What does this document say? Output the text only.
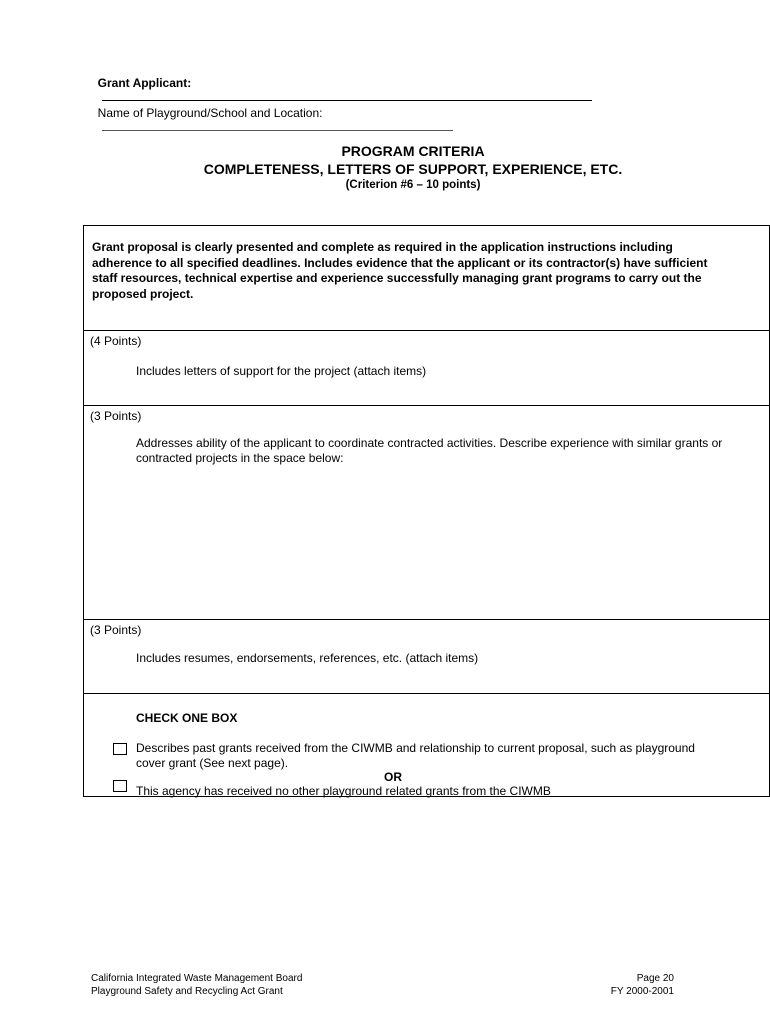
Grant Applicant:

Name of Playground/School and Location:

PROGRAM CRITERIA
COMPLETENESS, LETTERS OF SUPPORT, EXPERIENCE, ETC.
(Criterion #6 – 10 points)
Grant proposal is clearly presented and complete as required in the application instructions including adherence to all specified deadlines. Includes evidence that the applicant or its contractor(s) have sufficient staff resources, technical expertise and experience successfully managing grant programs to carry out the proposed project.
(4 Points)
Includes letters of support for the project (attach items)
(3 Points)
Addresses ability of the applicant to coordinate contracted activities. Describe experience with similar grants or contracted projects in the space below:
(3 Points)
Includes resumes, endorsements, references, etc. (attach items)
CHECK ONE BOX
Describes past grants received from the CIWMB and relationship to current proposal, such as playground cover grant (See next page).
OR
This agency has received no other playground related grants from the CIWMB
California Integrated Waste Management Board
Playground Safety and Recycling Act Grant
Page 20
FY 2000-2001
